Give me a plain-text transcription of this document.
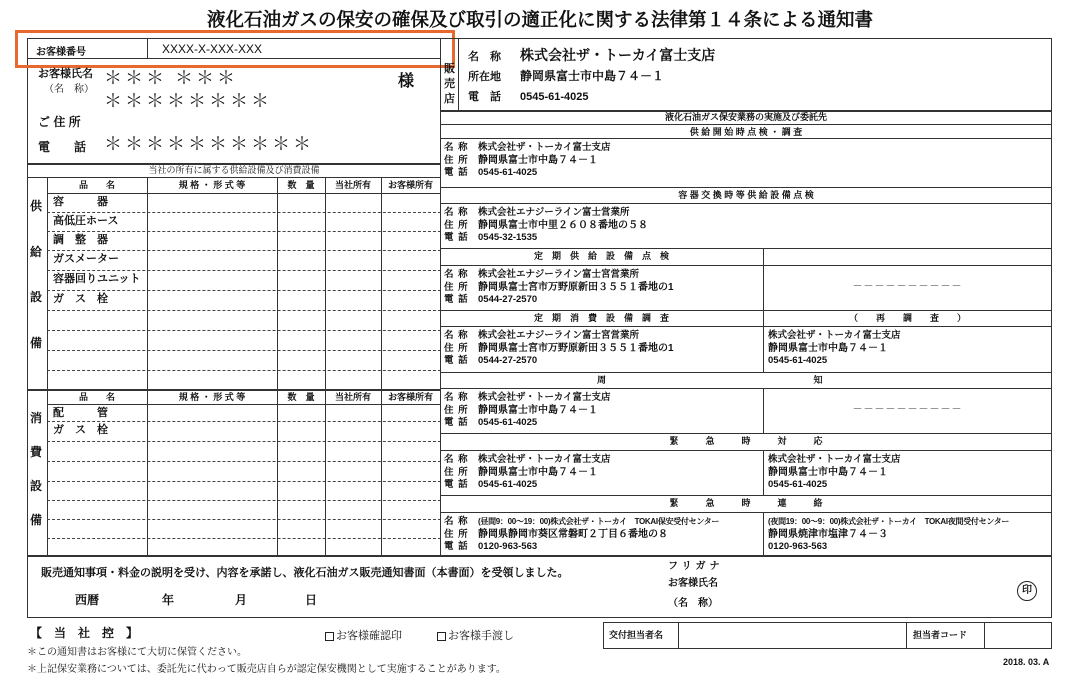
液化石油ガスの保安の確保及び取引の適正化に関する法律第１４条による通知書
お客様番号	XXXX-X-XXX-XXX
お客様氏名
（名　称）
＊＊＊ ＊＊＊	様
＊＊＊＊＊＊＊＊
ご 住 所
電　　話 ＊＊＊＊＊＊＊＊＊＊
当社の所有に属する供給設備及び消費設備
品　　名	規 格 ・ 形 式 等	数　量	当社所有	お客様所有
容　　　器
高低圧ホース
調　整　器
ガスメーター
容器回りユニット
ガ　ス　栓
供
給
設
備
品　　名	規 格 ・ 形 式 等	数　量	当社所有	お客様所有
配　　　管
ガ　ス　栓
消
費
設
備
販
売
店
名　称 株式会社ザ・トーカイ富士支店
所在地 静岡県富士市中島７４－１
電　話 0545-61-4025
液化石油ガス保安業務の実施及び委託先
供 給 開 始 時 点 検 ・ 調 査
名 称 株式会社ザ・トーカイ富士支店
住 所 静岡県富士市中島７４－１
電 話 0545-61-4025
容 器 交 換 時 等 供 給 設 備 点 検
名 称 株式会社エナジーライン富士営業所
住 所 静岡県富士市中里２６０８番地の５８
電 話 0545-32-1535
定　期　供　給　設　備　点　検
名 称 株式会社エナジーライン富士宮営業所
住 所 静岡県富士宮市万野原新田３５５１番地の1
電 話 0544-27-2570
－－－－－－－－－－
定　期　消　費　設　備　調　査	（　　再　　調　　査　　）
名 称 株式会社エナジーライン富士宮営業所
住 所 静岡県富士宮市万野原新田３５５１番地の1
電 話 0544-27-2570
株式会社ザ・トーカイ富士支店
静岡県富士市中島７４－１
0545-61-4025
周	知
名 称 株式会社ザ・トーカイ富士支店
住 所 静岡県富士市中島７４－１
電 話 0545-61-4025
－－－－－－－－－－
緊　　　急　　　時　　　対　　　応
名 称 株式会社ザ・トーカイ富士支店
住 所 静岡県富士市中島７４－１
電 話 0545-61-4025
株式会社ザ・トーカイ富士支店
静岡県富士市中島７４－１
0545-61-4025
緊　　　急　　　時　　　連　　　絡
名 称 (昼間9：00～19：00)株式会社ザ・トーカイ　TOKAI保安受付センター
住 所 静岡県静岡市葵区常磐町２丁目６番地の８
電 話 0120-963-563
(夜間19：00～9：00)株式会社ザ・トーカイ　TOKAI夜間受付センター
静岡県焼津市塩津７４－３
0120-963-563
販売通知事項・料金の説明を受け、内容を承諾し、液化石油ガス販売通知書面（本書面）を受領しました。
西暦	年	月	日
フリガナ
お客様氏名
（名　称）
印
【　当　社　控　】	お客様確認印	お客様手渡し	交付担当者名	担当者コード
＊この通知書はお客様にて大切に保管ください。
＊上記保安業務については、委託先に代わって販売店自らが認定保安機関として実施することがあります。
2018. 03. A
